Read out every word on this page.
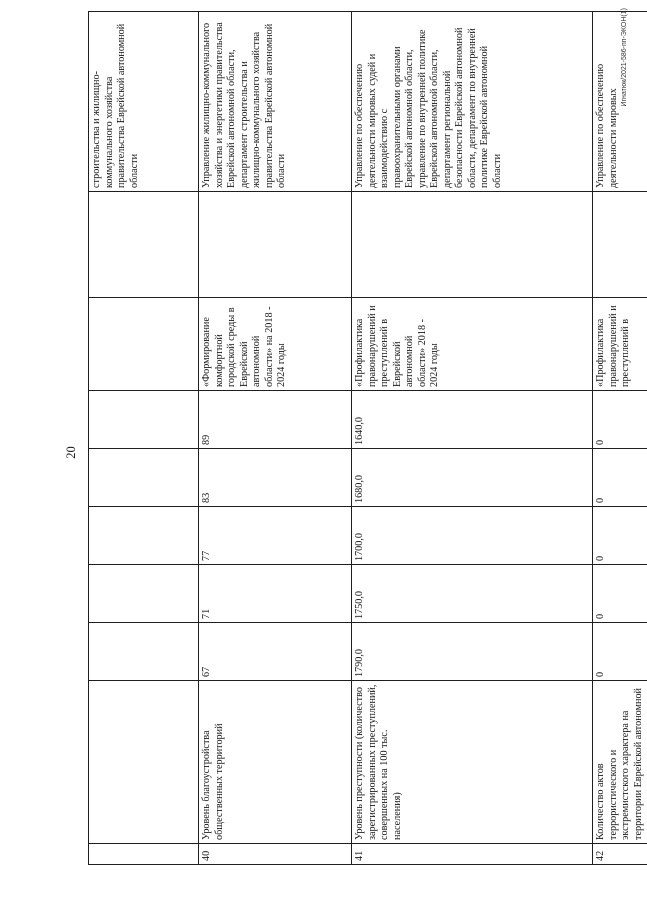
20
									строительства и жилищно-коммунального хозяйства правительства Еврейской автономной области
40	Уровень благоустройства общественных территорий	67	71	77	83	89	«Формирование комфортной городской среды в Еврейской автономной области» на 2018 - 2024 годы		Управление жилищно-коммунального хозяйства и энергетики правительства Еврейской автономной области, департамент строительства и жилищно-коммунального хозяйства правительства Еврейской автономной области
41	Уровень преступности (количество зарегистрированных преступлений, совершенных на 100 тыс. населения)	1790,0	1750,0	1700,0	1680,0	1640,0	«Профилактика правонарушений и преступлений в Еврейской автономной области» 2018 - 2024 годы		Управление по обеспечению деятельности мировых судей и взаимодействию с правоохранительными органами Еврейской автономной области, управление по внутренней политике Еврейской автономной области, департамент региональной безопасности Еврейской автономной области, департамент по внутренней политике Еврейской автономной области
42	Количество актов террористического и экстремистского характера на территории Еврейской автономной	0	0	0	0	0	«Профилактика правонарушений и преступлений в		Управление по обеспечению деятельности мировых
Игнатюк/2021-586-пп-ЭКОН(1)
